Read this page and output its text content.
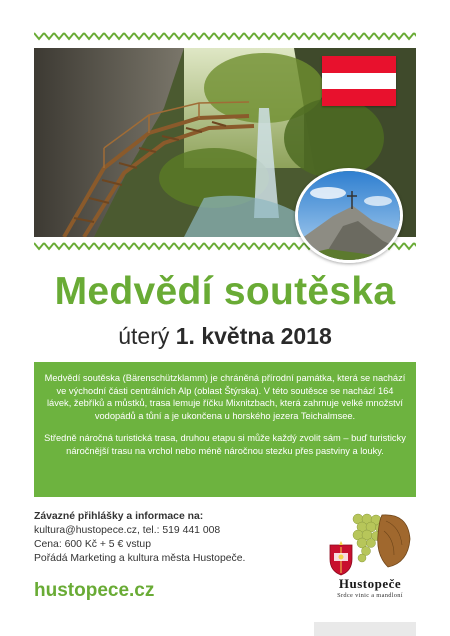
Medvědí soutěska
úterý 1. května 2018

Medvědí soutěska (Bärenschützklamm) je chráněná přírodní památka, která se nachází ve východní části centrálních Alp (oblast Štýrska). V této soutěsce se nachází 164 lávek, žebříků a můstků, trasa lemuje říčku Mixnitzbach, která zahrnuje velké množství vodopádů a tůní a je ukončena u horského jezera Teichalmsee.

Středně náročná turistická trasa, druhou etapu si může každý zvolit sám – buď turisticky náročnější trasu na vrchol nebo méně náročnou stezku přes pastviny a louky.

Závazné přihlášky a informace na:
kultura@hustopece.cz, tel.: 519 441 008
Cena: 600 Kč + 5 € vstup
Pořádá Marketing a kultura města Hustopeče.
hustopece.cz	Hustopeče
Srdce vinic a mandloní
